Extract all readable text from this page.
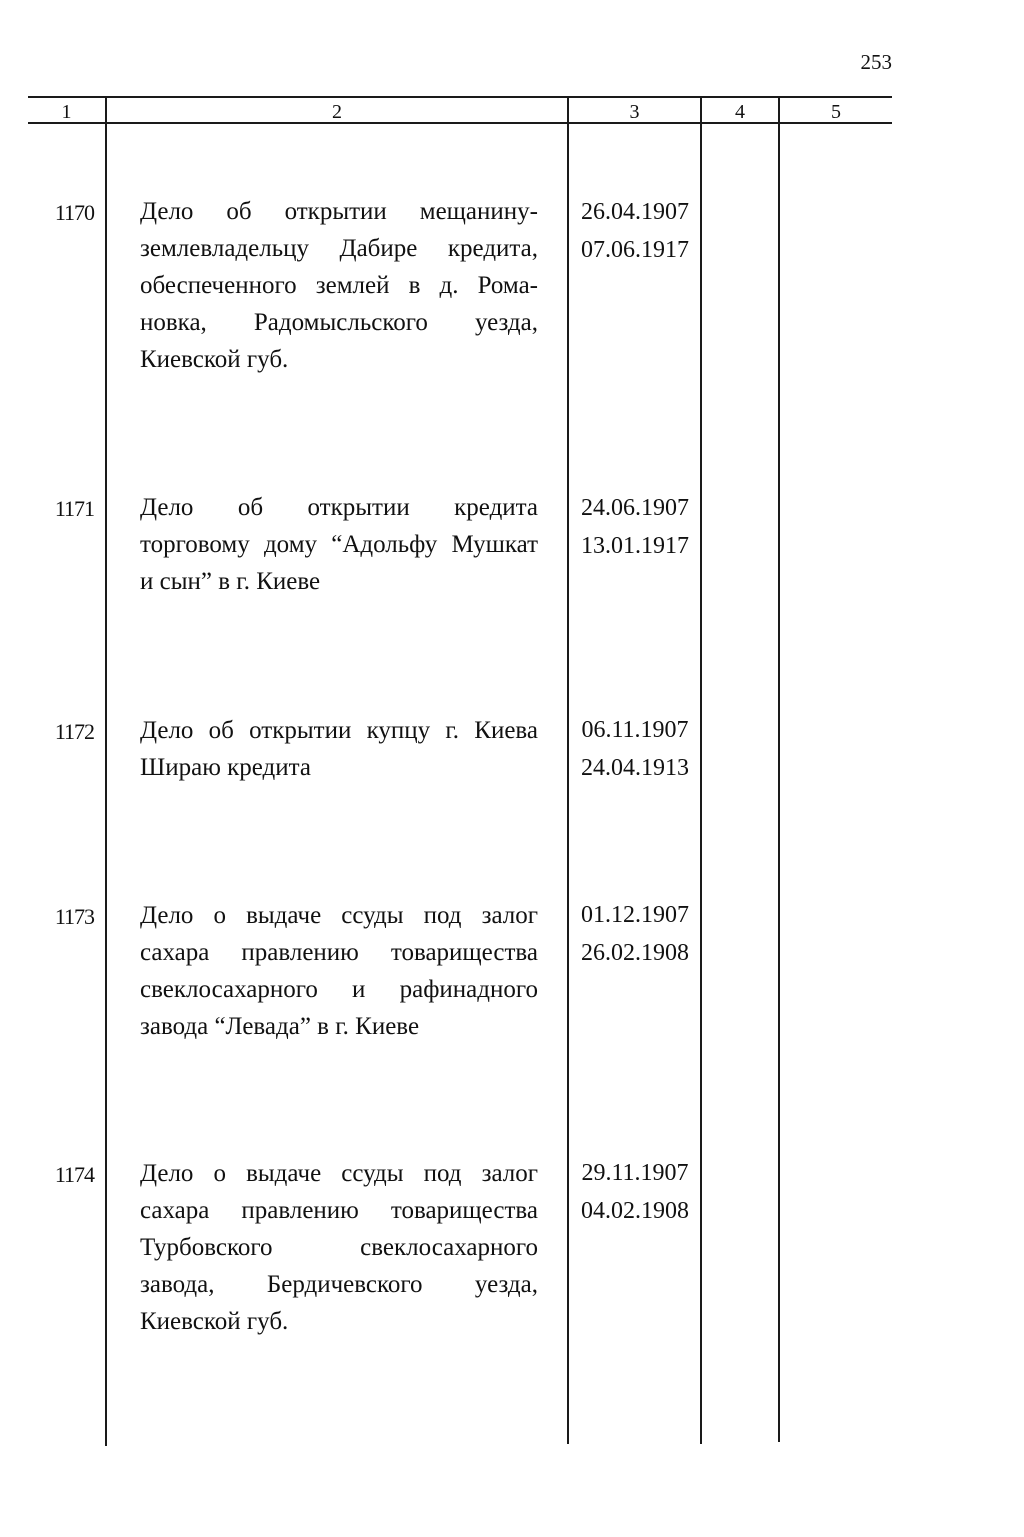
253
1	2	3	4	5
1170 Дело об открытии мещанину-
землевладельцу Дабире кредита,
обеспеченного землей в д. Рома-
новка, Радомысльского уезда,
Киевской губ.
26.04.1907
07.06.1917
1171 Дело об открытии кредита
торговому дому “Адольфу Мушкат
и сын” в г. Киеве
24.06.1907
13.01.1917
1172 Дело об открытии купцу г. Киева
Шираю кредита
06.11.1907
24.04.1913
1173 Дело о выдаче ссуды под залог
сахара правлению товарищества
свеклосахарного и рафинадного
завода “Левада” в г. Киеве
01.12.1907
26.02.1908
1174 Дело о выдаче ссуды под залог
сахара правлению товарищества
Турбовского свеклосахарного
завода, Бердичевского уезда,
Киевской губ.
29.11.1907
04.02.1908
